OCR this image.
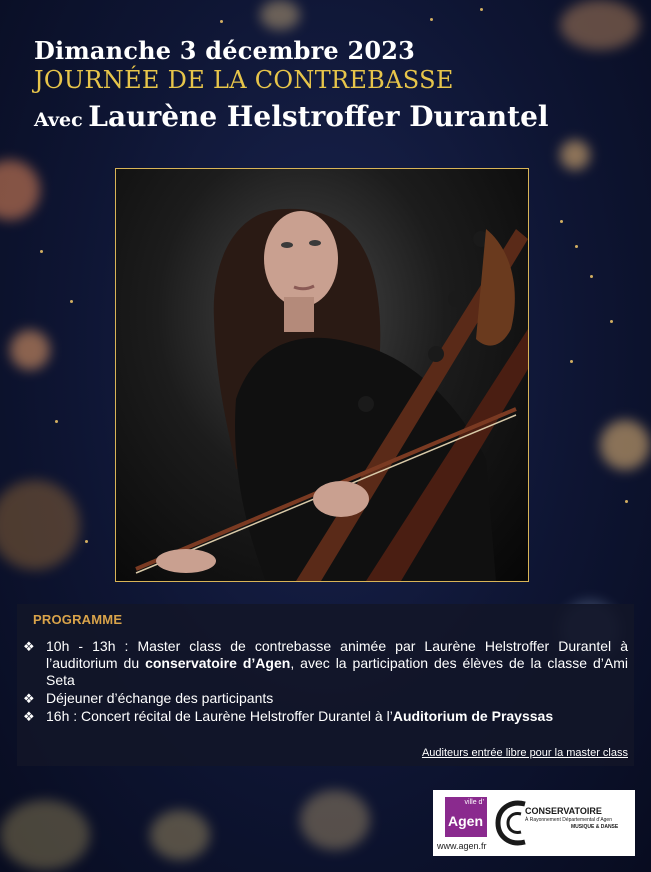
Dimanche 3 décembre 2023
JOURNÉE DE LA CONTREBASSE
Avec Laurène Helstroffer Durantel
PROGRAMME
❖ 10h - 13h : Master class de contrebasse animée par Laurène Helstroffer Durantel à l’auditorium du conservatoire d’Agen, avec la participation des élèves de la classe d’Ami Seta
❖ Déjeuner d’échange des participants
❖ 16h : Concert récital de Laurène Helstroffer Durantel à l’Auditorium de Prayssas
Auditeurs entrée libre pour la master class
ville d’
Agen
www.agen.fr
CONSERVATOIRE
À Rayonnement Départemental d’Agen
MUSIQUE & DANSE
